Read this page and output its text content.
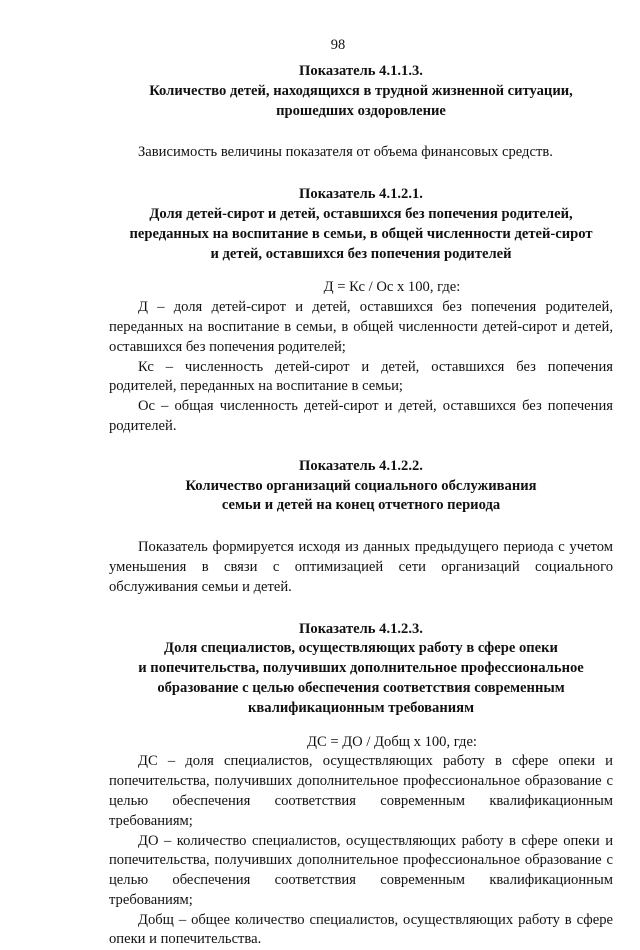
98

Показатель 4.1.1.3.

Количество детей, находящихся в трудной жизненной ситуации,

прошедших оздоровление

Зависимость величины показателя от объема финансовых средств.

Показатель 4.1.2.1.

Доля детей-сирот и детей, оставшихся без попечения родителей,

переданных на воспитание в семьи, в общей численности детей-сирот

и детей, оставшихся без попечения родителей

Д = Кс / Ос х 100, где:

Д – доля детей-сирот и детей, оставшихся без попечения родителей, переданных на воспитание в семьи, в общей численности детей-сирот и детей, оставшихся без попечения родителей;

Кс – численность детей-сирот и детей, оставшихся без попечения родителей, переданных на воспитание в семьи;

Ос – общая численность детей-сирот и детей, оставшихся без попечения родителей.

Показатель 4.1.2.2.

Количество организаций социального обслуживания

семьи и детей на конец отчетного периода

Показатель формируется исходя из данных предыдущего периода с учетом уменьшения в связи с оптимизацией сети организаций социального обслуживания семьи и детей.

Показатель 4.1.2.3.

Доля специалистов, осуществляющих работу в сфере опеки

и попечительства, получивших дополнительное профессиональное

образование с целью обеспечения соответствия современным

квалификационным требованиям

ДС = ДО / Добщ х 100, где:

ДС – доля специалистов, осуществляющих работу в сфере опеки и попечительства, получивших дополнительное профессиональное образование с целью обеспечения соответствия современным квалификационным требованиям;

ДО – количество специалистов, осуществляющих работу в сфере опеки и попечительства, получивших дополнительное профессиональное образование с целью обеспечения соответствия современным квалификационным требованиям;

Добщ – общее количество специалистов, осуществляющих работу в сфере опеки и попечительства.
